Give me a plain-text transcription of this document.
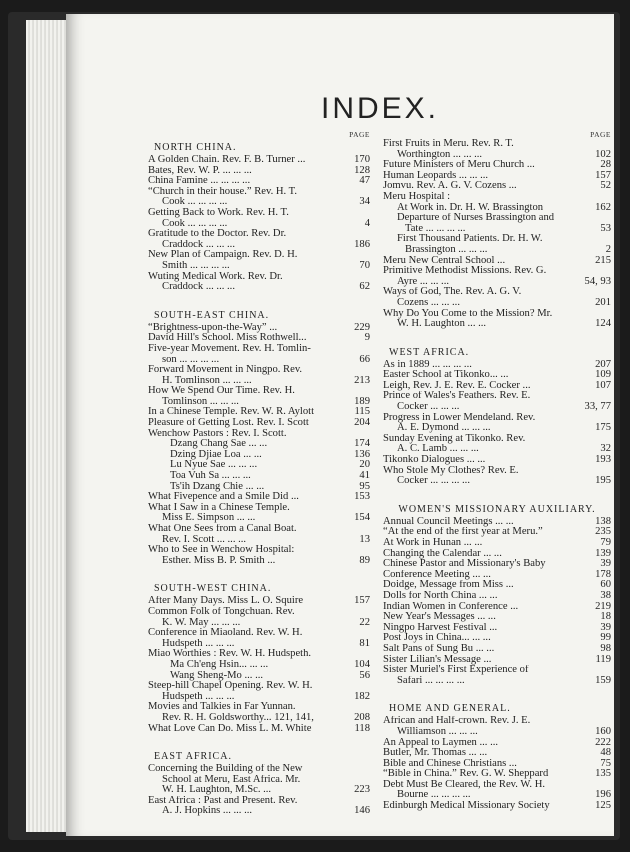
INDEX.
PAGE
NORTH CHINA.
A Golden Chain. Rev. F. B. Turner ...	170
Bates, Rev. W. P. ... ... ...	128
China Famine ... ... ... ...	47
“Church in their house.” Rev. H. T.
Cook ... ... ... ...	34
Getting Back to Work. Rev. H. T.
Cook ... ... ... ...	4
Gratitude to the Doctor. Rev. Dr.
Craddock ... ... ...	186
New Plan of Campaign. Rev. D. H.
Smith ... ... ... ...	70
Wuting Medical Work. Rev. Dr.
Craddock ... ... ...	62
SOUTH-EAST CHINA.
“Brightness-upon-the-Way” ...	229
David Hill's School. Miss Rothwell...	9
Five-year Movement. Rev. H. Tomlin-
son ... ... ... ...	66
Forward Movement in Ningpo. Rev.
H. Tomlinson ... ... ...	213
How We Spend Our Time. Rev. H.
Tomlinson ... ... ...	189
In a Chinese Temple. Rev. W. R. Aylott	115
Pleasure of Getting Lost. Rev. I. Scott	204
Wenchow Pastors : Rev. I. Scott.
Dzang Chang Sae ... ...	174
Dzing Djiae Loa ... ...	136
Lu Nyue Sae ... ... ...	20
Toa Vuh Sa ... ... ...	41
Ts'ih Dzang Chie ... ...	95
What Fivepence and a Smile Did ...	153
What I Saw in a Chinese Temple.
Miss E. Simpson ... ...	154
What One Sees from a Canal Boat.
Rev. I. Scott ... ... ...	13
Who to See in Wenchow Hospital:
Esther. Miss B. P. Smith ...	89
SOUTH-WEST CHINA.
After Many Days. Miss L. O. Squire	157
Common Folk of Tongchuan. Rev.
K. W. May ... ... ...	22
Conference in Miaoland. Rev. W. H.
Hudspeth ... ... ...	81
Miao Worthies : Rev. W. H. Hudspeth.
Ma Ch'eng Hsin... ... ...	104
Wang Sheng-Mo ... ...	56
Steep-hill Chapel Opening. Rev. W. H.
Hudspeth ... ... ...	182
Movies and Talkies in Far Yunnan.
Rev. R. H. Goldsworthy... 121, 141,	208
What Love Can Do. Miss L. M. White	118
EAST AFRICA.
Concerning the Building of the New
School at Meru, East Africa. Mr.
W. H. Laughton, M.Sc. ...	223
East Africa : Past and Present. Rev.
A. J. Hopkins ... ... ...	146
PAGE
First Fruits in Meru. Rev. R. T.
Worthington ... ... ...	102
Future Ministers of Meru Church ...	28
Human Leopards ... ... ...	157
Jomvu. Rev. A. G. V. Cozens ...	52
Meru Hospital :
At Work in. Dr. H. W. Brassington	162
Departure of Nurses Brassington and
Tate ... ... ... ...	53
First Thousand Patients. Dr. H. W.
Brassington ... ... ...	2
Meru New Central School ...	215
Primitive Methodist Missions. Rev. G.
Ayre ... ... ...	54, 93
Ways of God, The. Rev. A. G. V.
Cozens ... ... ...	201
Why Do You Come to the Mission? Mr.
W. H. Laughton ... ...	124
WEST AFRICA.
As in 1889 ... ... ... ...	207
Easter School at Tikonko... ...	109
Leigh, Rev. J. E. Rev. E. Cocker ...	107
Prince of Wales's Feathers. Rev. E.
Cocker ... ... ...	33, 77
Progress in Lower Mendeland. Rev.
A. E. Dymond ... ... ...	175
Sunday Evening at Tikonko. Rev.
A. C. Lamb ... ... ...	32
Tikonko Dialogues ... ...	193
Who Stole My Clothes? Rev. E.
Cocker ... ... ... ...	195
WOMEN'S MISSIONARY AUXILIARY.
Annual Council Meetings ... ...	138
“At the end of the first year at Meru.”	235
At Work in Hunan ... ...	79
Changing the Calendar ... ...	139
Chinese Pastor and Missionary's Baby	39
Conference Meeting ... ...	178
Doidge, Message from Miss ...	60
Dolls for North China ... ...	38
Indian Women in Conference ...	219
New Year's Messages ... ...	18
Ningpo Harvest Festival ...	39
Post Joys in China... ... ...	99
Salt Pans of Sung Bu ... ...	98
Sister Lilian's Message ...	119
Sister Muriel's First Experience of
Safari ... ... ... ...	159
HOME AND GENERAL.
African and Half-crown. Rev. J. E.
Williamson ... ... ...	160
An Appeal to Laymen ... ...	222
Butler, Mr. Thomas ... ...	48
Bible and Chinese Christians ...	75
“Bible in China.” Rev. G. W. Sheppard	135
Debt Must Be Cleared, the Rev. W. H.
Bourne ... ... ... ...	196
Edinburgh Medical Missionary Society	125
